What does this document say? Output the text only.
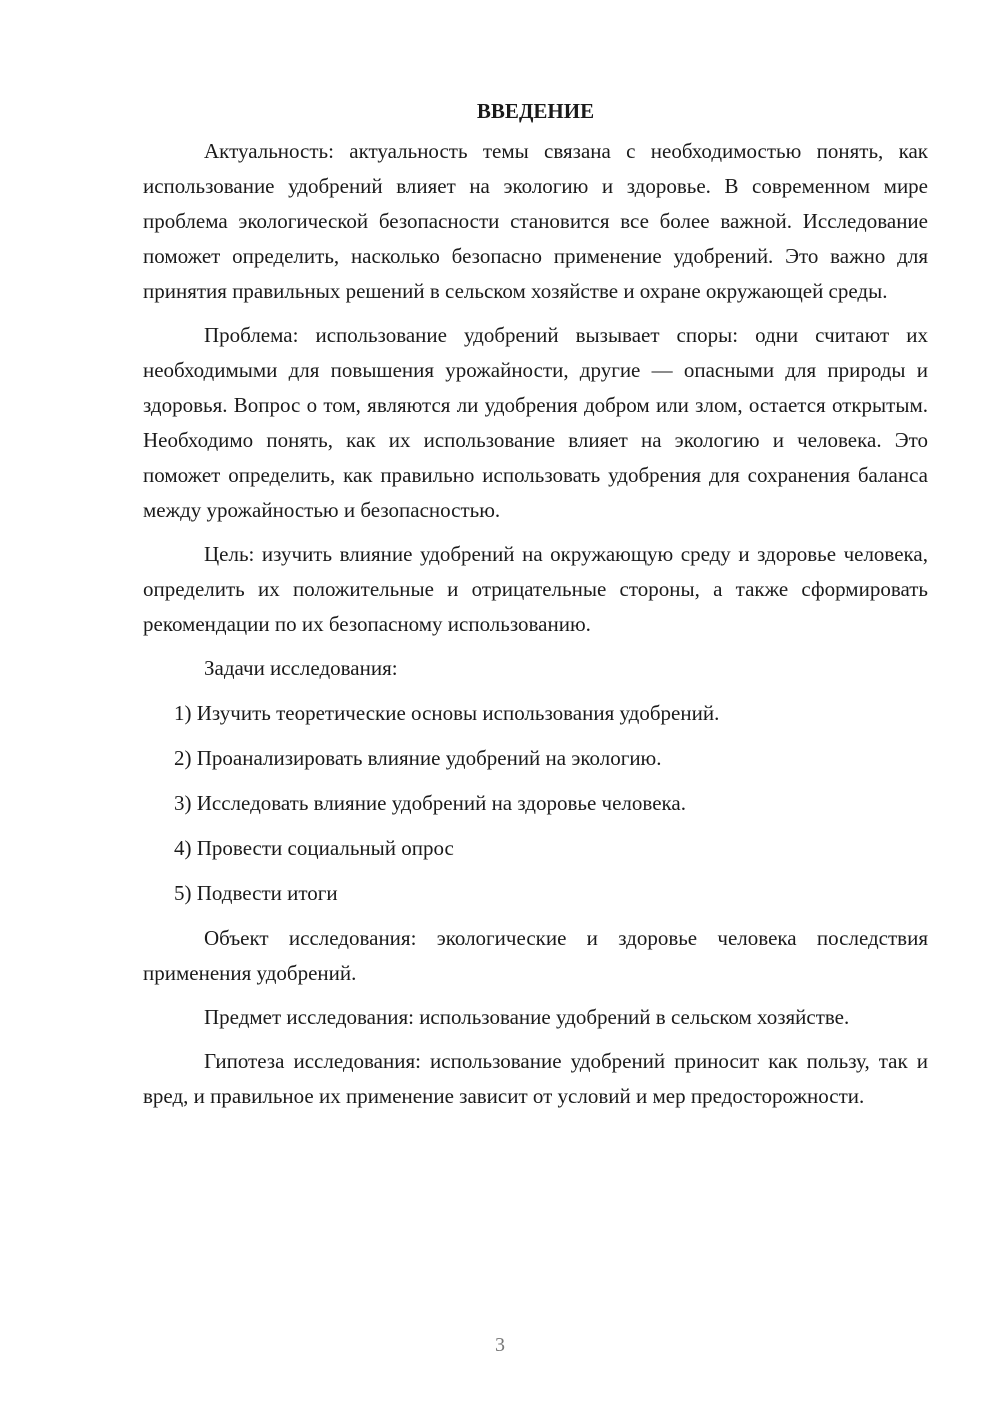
ВВЕДЕНИЕ

Актуальность: актуальность темы связана с необходимостью понять, как использование удобрений влияет на экологию и здоровье. В современном мире проблема экологической безопасности становится все более важной. Исследование поможет определить, насколько безопасно применение удобрений. Это важно для принятия правильных решений в сельском хозяйстве и охране окружающей среды.

Проблема: использование удобрений вызывает споры: одни считают их необходимыми для повышения урожайности, другие — опасными для природы и здоровья. Вопрос о том, являются ли удобрения добром или злом, остается открытым. Необходимо понять, как их использование влияет на экологию и человека. Это поможет определить, как правильно использовать удобрения для сохранения баланса между урожайностью и безопасностью.

Цель: изучить влияние удобрений на окружающую среду и здоровье человека, определить их положительные и отрицательные стороны, а также сформировать рекомендации по их безопасному использованию.

Задачи исследования:

1) Изучить теоретические основы использования удобрений.
2) Проанализировать влияние удобрений на экологию.
3) Исследовать влияние удобрений на здоровье человека.
4) Провести социальный опрос
5) Подвести итоги

Объект исследования: экологические и здоровье человека последствия применения удобрений.

Предмет исследования: использование удобрений в сельском хозяйстве.

Гипотеза исследования: использование удобрений приносит как пользу, так и вред, и правильное их применение зависит от условий и мер предосторожности.

3
